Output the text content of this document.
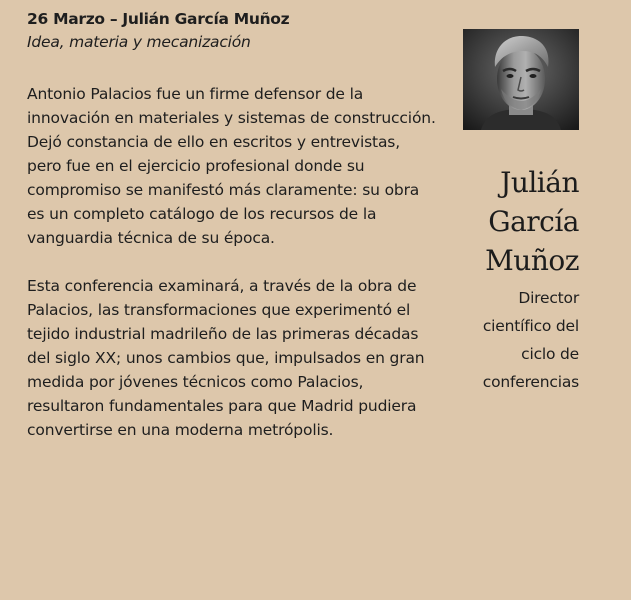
26 Marzo – Julián García Muñoz

Idea, materia y mecanización

Antonio Palacios fue un firme defensor de la innovación en materiales y sistemas de construcción. Dejó constancia de ello en escritos y entrevistas, pero fue en el ejercicio profesional donde su compromiso se manifestó más claramente: su obra es un completo catálogo de los recursos de la vanguardia técnica de su época.

Esta conferencia examinará, a través de la obra de Palacios, las transformaciones que experimentó el tejido industrial madrileño de las primeras décadas del siglo XX; unos cambios que, impulsados en gran medida por jóvenes técnicos como Palacios, resultaron fundamentales para que Madrid pudiera convertirse en una moderna metrópolis.

Julián
García
Muñoz

Director
científico del
ciclo de
conferencias
